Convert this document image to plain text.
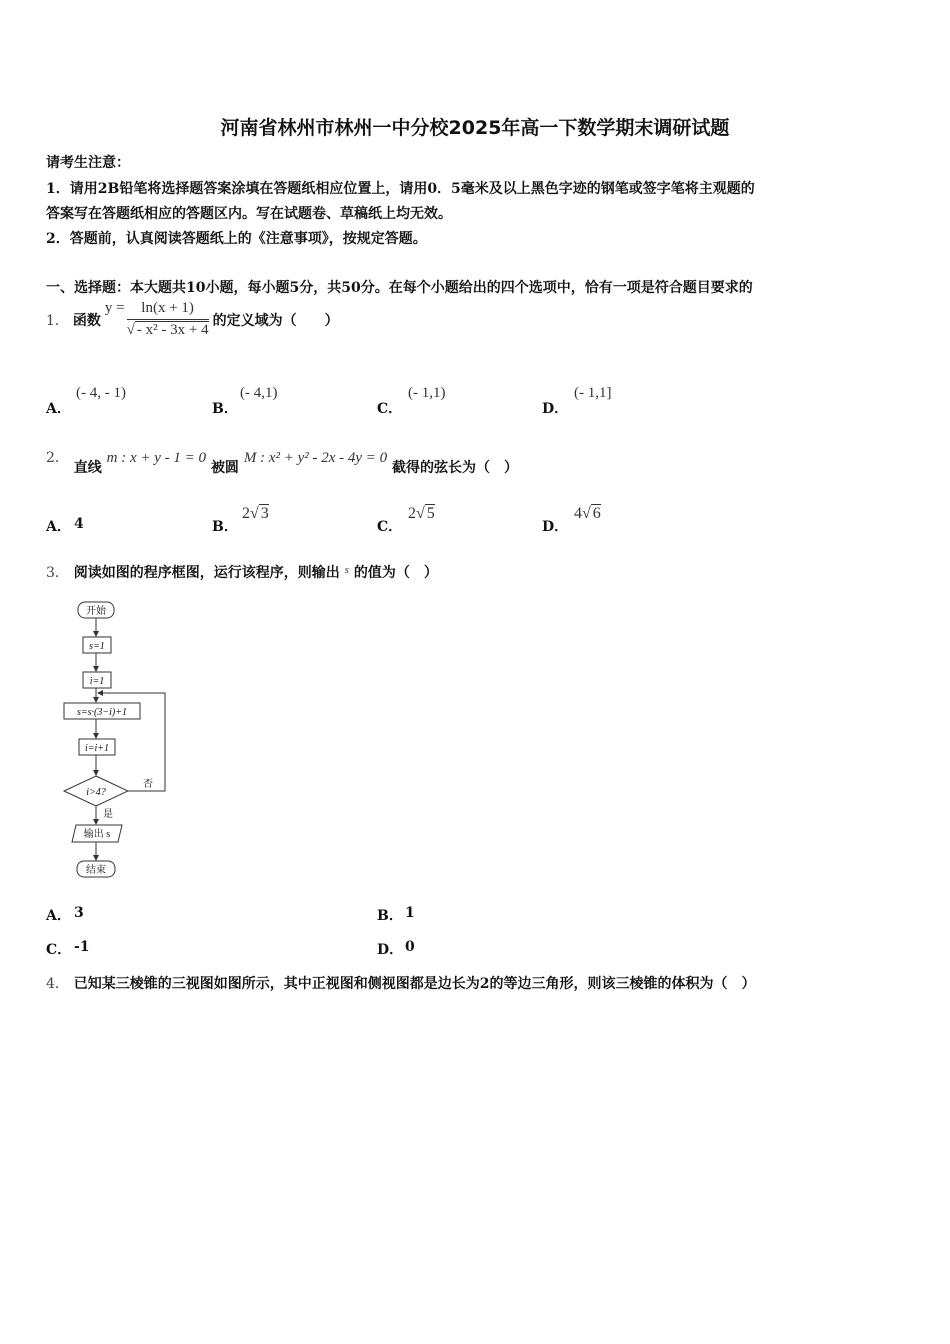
河南省林州市林州一中分校2025年高一下数学期末调研试题
请考生注意：
1．请用2B铅笔将选择题答案涂填在答题纸相应位置上，请用0．5毫米及以上黑色字迹的钢笔或签字笔将主观题的
答案写在答题纸相应的答题区内。写在试题卷、草稿纸上均无效。
2．答题前，认真阅读答题纸上的《注意事项》，按规定答题。
一、选择题：本大题共10小题，每小题5分，共50分。在每个小题给出的四个选项中，恰有一项是符合题目要求的
1． 函数
$y = \frac{\ln(x + 1)}{\text{√ - x² - 3x + 4}}$ 的定义域为（　　）
A．
(- 4, - 1)
B．
(- 4,1)
C．
(- 1,1)
D．
(- 1,1]
2． 直线 m : x + y - 1 = 0 被圆 M : x² + y² - 2x - 4y = 0 截得的弦长为（　）
A． 4	B．
2√ 3
C．
2√ 5
D．
4√ 6
3． 阅读如图的程序框图，运行该程序，则输出 $^s$ 的值为（　）
开始
s=1
i=1
s=s·(3−i)+1
i=i+1
i>4?
否
是
输出 s
结束
A． 3	B． 1
C． -1	D． 0
4． 已知某三棱锥的三视图如图所示，其中正视图和侧视图都是边长为2的等边三角形，则该三棱锥的体积为（　）
